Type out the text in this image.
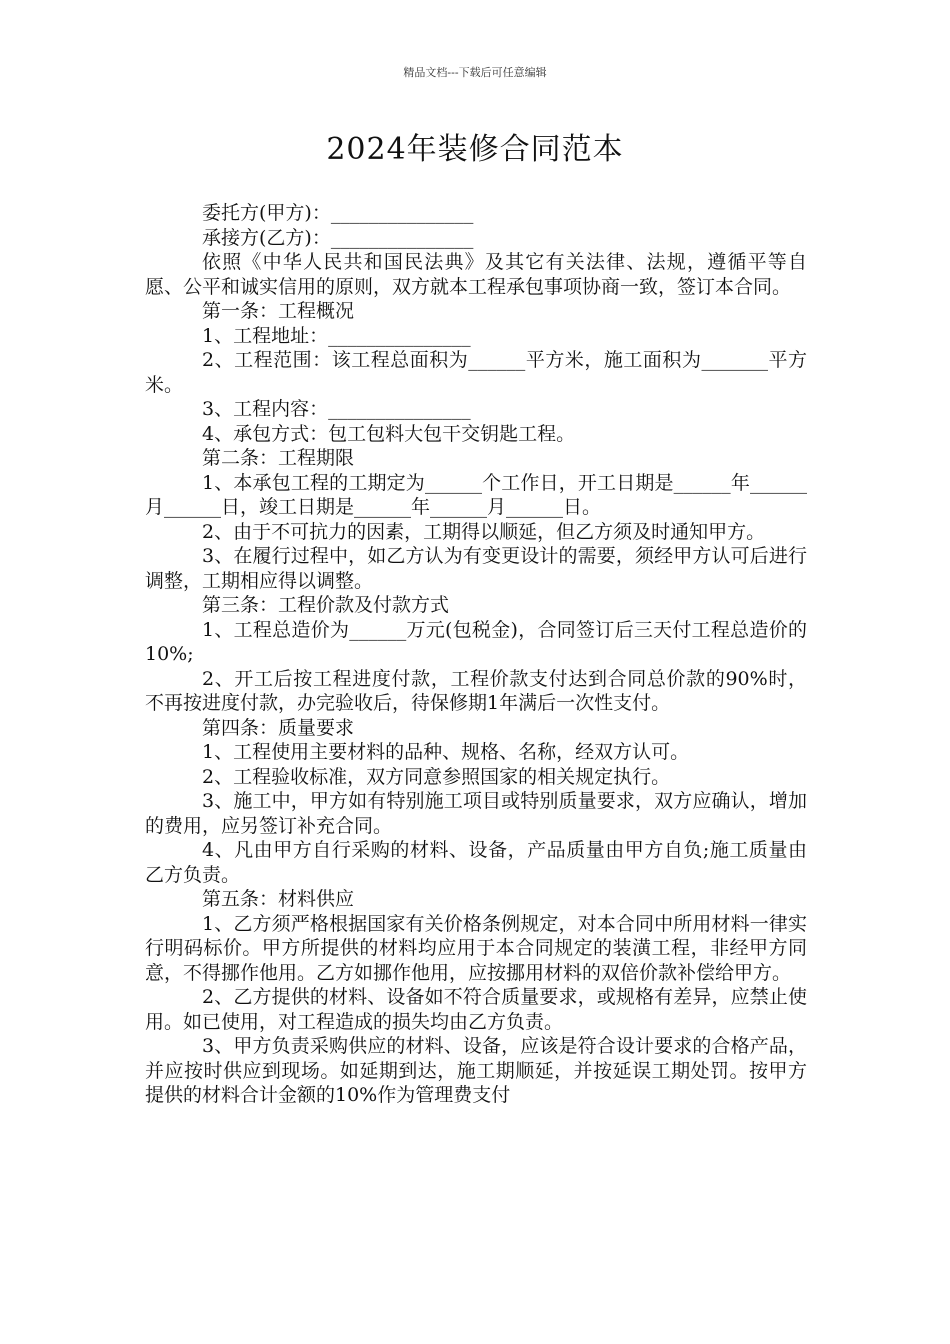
精品文档---下载后可任意编辑
2024年装修合同范本

委托方(甲方)：_______________

承接方(乙方)：_______________

依照《中华人民共和国民法典》及其它有关法律、法规，遵循平等自愿、公平和诚实信用的原则，双方就本工程承包事项协商一致，签订本合同。

第一条：工程概况

1、工程地址：_______________

2、工程范围：该工程总面积为______平方米，施工面积为_______平方米。

3、工程内容：_______________

4、承包方式：包工包料大包干交钥匙工程。

第二条：工程期限

1、本承包工程的工期定为______个工作日，开工日期是______年______月______日，竣工日期是______年______月______日。

2、由于不可抗力的因素，工期得以顺延，但乙方须及时通知甲方。

3、在履行过程中，如乙方认为有变更设计的需要，须经甲方认可后进行调整，工期相应得以调整。

第三条：工程价款及付款方式

1、工程总造价为______万元(包税金)，合同签订后三天付工程总造价的10%;

2、开工后按工程进度付款，工程价款支付达到合同总价款的90%时，不再按进度付款，办完验收后，待保修期1年满后一次性支付。

第四条：质量要求

1、工程使用主要材料的品种、规格、名称，经双方认可。

2、工程验收标准，双方同意参照国家的相关规定执行。

3、施工中，甲方如有特别施工项目或特别质量要求，双方应确认，增加的费用，应另签订补充合同。

4、凡由甲方自行采购的材料、设备，产品质量由甲方自负;施工质量由乙方负责。

第五条：材料供应

1、乙方须严格根据国家有关价格条例规定，对本合同中所用材料一律实行明码标价。甲方所提供的材料均应用于本合同规定的装潢工程，非经甲方同意，不得挪作他用。乙方如挪作他用，应按挪用材料的双倍价款补偿给甲方。

2、乙方提供的材料、设备如不符合质量要求，或规格有差异，应禁止使用。如已使用，对工程造成的损失均由乙方负责。

3、甲方负责采购供应的材料、设备，应该是符合设计要求的合格产品，并应按时供应到现场。如延期到达，施工期顺延，并按延误工期处罚。按甲方提供的材料合计金额的10%作为管理费支付
